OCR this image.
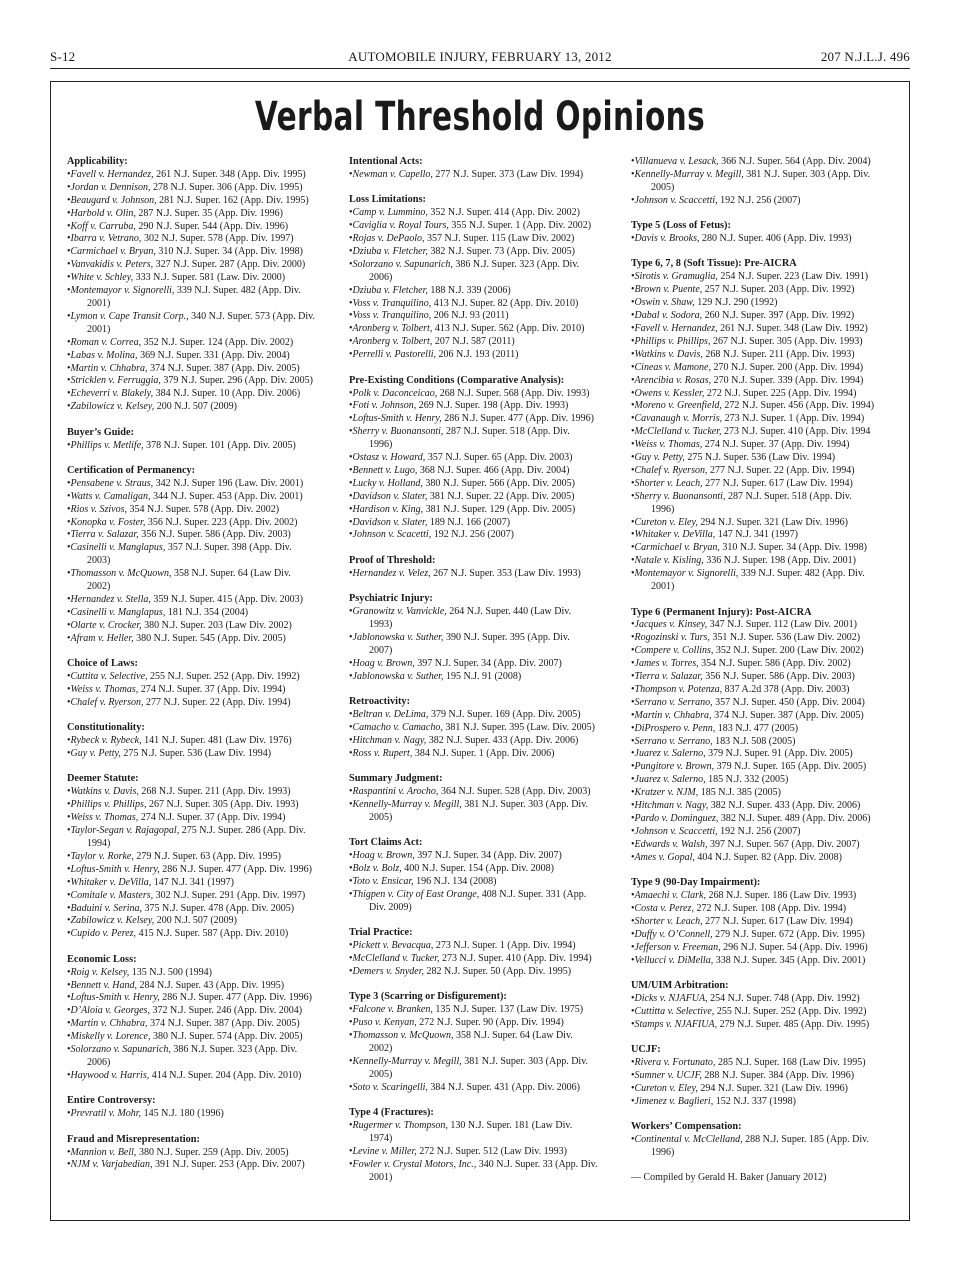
S-12	AUTOMOBILE INJURY, FEBRUARY 13, 2012	207 N.J.L.J. 496
Verbal Threshold Opinions
Applicability:
•Favell v. Hernandez, 261 N.J. Super. 348 (App. Div. 1995)
•Jordan v. Dennison, 278 N.J. Super. 306 (App. Div. 1995)
•Beaugard v. Johnson, 281 N.J. Super. 162 (App. Div. 1995)
•Harbold v. Olin, 287 N.J. Super. 35 (App. Div. 1996)
•Koff v. Carruba, 290 N.J. Super. 544 (App. Div. 1996)
•Ibarra v. Vetrano, 302 N.J. Super. 578 (App. Div. 1997)
•Carmichael v. Bryan, 310 N.J. Super. 34 (App. Div. 1998)
•Vanvakidis v. Peters, 327 N.J. Super. 287 (App. Div. 2000)
•White v. Schley, 333 N.J. Super. 581 (Law. Div. 2000)
•Montemayor v. Signorelli, 339 N.J. Super. 482 (App. Div.
2001)
•Lymon v. Cape Transit Corp., 340 N.J. Super. 573 (App. Div.
2001)
•Roman v. Correa, 352 N.J. Super. 124 (App. Div. 2002)
•Labas v. Molina, 369 N.J. Super. 331 (App. Div. 2004)
•Martin v. Chhabra, 374 N.J. Super. 387 (App. Div. 2005)
•Stricklen v. Ferruggia, 379 N.J. Super. 296 (App. Div. 2005)
•Echeverri v. Blakely, 384 N.J. Super. 10 (App. Div. 2006)
•Zabilowicz v. Kelsey, 200 N.J. 507 (2009)
Buyer’s Guide:
•Phillips v. Metlife, 378 N.J. Super. 101 (App. Div. 2005)
Certification of Permanency:
•Pensabene v. Straus, 342 N.J. Super 196 (Law. Div. 2001)
•Watts v. Camaligan, 344 N.J. Super. 453 (App. Div. 2001)
•Rios v. Szivos, 354 N.J. Super. 578 (App. Div. 2002)
•Konopka v. Foster, 356 N.J. Super. 223 (App. Div. 2002)
•Tierra v. Salazar, 356 N.J. Super. 586 (App. Div. 2003)
•Casinelli v. Manglapus, 357 N.J. Super. 398 (App. Div.
2003)
•Thomasson v. McQuown, 358 N.J. Super. 64 (Law Div.
2002)
•Hernandez v. Stella, 359 N.J. Super. 415 (App. Div. 2003)
•Casinelli v. Manglapus, 181 N.J. 354 (2004)
•Olarte v. Crocker, 380 N.J. Super. 203 (Law Div. 2002)
•Afram v. Heller, 380 N.J. Super. 545 (App. Div. 2005)
Choice of Laws:
•Cuttita v. Selective, 255 N.J. Super. 252 (App. Div. 1992)
•Weiss v. Thomas, 274 N.J. Super. 37 (App. Div. 1994)
•Chalef v. Ryerson, 277 N.J. Super. 22 (App. Div. 1994)
Constitutionality:
•Rybeck v. Rybeck, 141 N.J. Super. 481 (Law Div. 1976)
•Guy v. Petty, 275 N.J. Super. 536 (Law Div. 1994)
Deemer Statute:
•Watkins v. Davis, 268 N.J. Super. 211 (App. Div. 1993)
•Phillips v. Phillips, 267 N.J. Super. 305 (App. Div. 1993)
•Weiss v. Thomas, 274 N.J. Super. 37 (App. Div. 1994)
•Taylor-Segan v. Rajagopal, 275 N.J. Super. 286 (App. Div.
1994)
•Taylor v. Rorke, 279 N.J. Super. 63 (App. Div. 1995)
•Loftus-Smith v. Henry, 286 N.J. Super. 477 (App. Div. 1996)
•Whitaker v. DeVilla, 147 N.J. 341 (1997)
•Comitale v. Masters, 302 N.J. Super. 291 (App. Div. 1997)
•Baduini v. Serina, 375 N.J. Super. 478 (App. Div. 2005)
•Zabilowicz v. Kelsey, 200 N.J. 507 (2009)
•Cupido v. Perez, 415 N.J. Super. 587 (App. Div. 2010)
Economic Loss:
•Roig v. Kelsey, 135 N.J. 500 (1994)
•Bennett v. Hand, 284 N.J. Super. 43 (App. Div. 1995)
•Loftus-Smith v. Henry, 286 N.J. Super. 477 (App. Div. 1996)
•D’Aloia v. Georges, 372 N.J. Super. 246 (App. Div. 2004)
•Martin v. Chhabra, 374 N.J. Super. 387 (App. Div. 2005)
•Miskelly v. Lorence, 380 N.J. Super. 574 (App. Div. 2005)
•Solorzano v. Sapunarich, 386 N.J. Super. 323 (App. Div.
2006)
•Haywood v. Harris, 414 N.J. Super. 204 (App. Div. 2010)
Entire Controversy:
•Prevratil v. Mohr, 145 N.J. 180 (1996)
Fraud and Misrepresentation:
•Mannion v. Bell, 380 N.J. Super. 259 (App. Div. 2005)
•NJM v. Varjabedian, 391 N.J. Super. 253 (App. Div. 2007)
Intentional Acts:
•Newman v. Capello, 277 N.J. Super. 373 (Law Div. 1994)
Loss Limitations:
•Camp v. Lummino, 352 N.J. Super. 414 (App. Div. 2002)
•Caviglia v. Royal Tours, 355 N.J. Super. 1 (App. Div. 2002)
•Rojas v. DePaolo, 357 N.J. Super. 115 (Law Div. 2002)
•Dziuba v. Fletcher, 382 N.J. Super. 73 (App. Div. 2005)
•Solorzano v. Sapunarich, 386 N.J. Super. 323 (App. Div.
2006)
•Dziuba v. Fletcher, 188 N.J. 339 (2006)
•Voss v. Tranquilino, 413 N.J. Super. 82 (App. Div. 2010)
•Voss v. Tranquilino, 206 N.J. 93 (2011)
•Aronberg v. Tolbert, 413 N.J. Super. 562 (App. Div. 2010)
•Aronberg v. Tolbert, 207 N.J. 587 (2011)
•Perrelli v. Pastorelli, 206 N.J. 193 (2011)
Pre-Existing Conditions (Comparative Analysis):
•Polk v. Daconceicao, 268 N.J. Super. 568 (App. Div. 1993)
•Foti v. Johnson, 269 N.J. Super. 198 (App. Div. 1993)
•Loftus-Smith v. Henry, 286 N.J. Super. 477 (App. Div. 1996)
•Sherry v. Buonansonti, 287 N.J. Super. 518 (App. Div.
1996)
•Ostasz v. Howard, 357 N.J. Super. 65 (App. Div. 2003)
•Bennett v. Lugo, 368 N.J. Super. 466 (App. Div. 2004)
•Lucky v. Holland, 380 N.J. Super. 566 (App. Div. 2005)
•Davidson v. Slater, 381 N.J. Super. 22 (App. Div. 2005)
•Hardison v. King, 381 N.J. Super. 129 (App. Div. 2005)
•Davidson v. Slater, 189 N.J. 166 (2007)
•Johnson v. Scacetti, 192 N.J. 256 (2007)
Proof of Threshold:
•Hernandez v. Velez, 267 N.J. Super. 353 (Law Div. 1993)
Psychiatric Injury:
•Granowitz v. Vanvickle, 264 N.J. Super. 440 (Law Div.
1993)
•Jablonowska v. Suther, 390 N.J. Super. 395 (App. Div.
2007)
•Hoag v. Brown, 397 N.J. Super. 34 (App. Div. 2007)
•Jablonowska v. Suther, 195 N.J. 91 (2008)
Retroactivity:
•Beltran v. DeLima, 379 N.J. Super. 169 (App. Div. 2005)
•Camacho v. Camacho, 381 N.J. Super. 395 (Law. Div. 2005)
•Hitchman v. Nagy, 382 N.J. Super. 433 (App. Div. 2006)
•Ross v. Rupert, 384 N.J. Super. 1 (App. Div. 2006)
Summary Judgment:
•Raspantini v. Arocho, 364 N.J. Super. 528 (App. Div. 2003)
•Kennelly-Murray v. Megill, 381 N.J. Super. 303 (App. Div.
2005)
Tort Claims Act:
•Hoag v. Brown, 397 N.J. Super. 34 (App. Div. 2007)
•Bolz v. Bolz, 400 N.J. Super. 154 (App. Div. 2008)
•Toto v. Ensicar, 196 N.J. 134 (2008)
•Thigpen v. City of East Orange, 408 N.J. Super. 331 (App.
Div. 2009)
Trial Practice:
•Pickett v. Bevacqua, 273 N.J. Super. 1 (App. Div. 1994)
•McClelland v. Tucker, 273 N.J. Super. 410 (App. Div. 1994)
•Demers v. Snyder, 282 N.J. Super. 50 (App. Div. 1995)
Type 3 (Scarring or Disfigurement):
•Falcone v. Branken, 135 N.J. Super. 137 (Law Div. 1975)
•Puso v. Kenyan, 272 N.J. Super. 90 (App. Div. 1994)
•Thomasson v. McQuown, 358 N.J. Super. 64 (Law Div.
2002)
•Kennelly-Murray v. Megill, 381 N.J. Super. 303 (App. Div.
2005)
•Soto v. Scaringelli, 384 N.J. Super. 431 (App. Div. 2006)
Type 4 (Fractures):
•Rugermer v. Thompson, 130 N.J. Super. 181 (Law Div.
1974)
•Levine v. Miller, 272 N.J. Super. 512 (Law Div. 1993)
•Fowler v. Crystal Motors, Inc., 340 N.J. Super. 33 (App. Div.
2001)
•Villanueva v. Lesack, 366 N.J. Super. 564 (App. Div. 2004)
•Kennelly-Murray v. Megill, 381 N.J. Super. 303 (App. Div.
2005)
•Johnson v. Scaccetti, 192 N.J. 256 (2007)
Type 5 (Loss of Fetus):
•Davis v. Brooks, 280 N.J. Super. 406 (App. Div. 1993)
Type 6, 7, 8 (Soft Tissue): Pre-AICRA
•Sirotis v. Gramuglia, 254 N.J. Super. 223 (Law Div. 1991)
•Brown v. Puente, 257 N.J. Super. 203 (App. Div. 1992)
•Oswin v. Shaw, 129 N.J. 290 (1992)
•Dabal v. Sodora, 260 N.J. Super. 397 (App. Div. 1992)
•Favell v. Hernandez, 261 N.J. Super. 348 (Law Div. 1992)
•Phillips v. Phillips, 267 N.J. Super. 305 (App. Div. 1993)
•Watkins v. Davis, 268 N.J. Super. 211 (App. Div. 1993)
•Cineas v. Mamone, 270 N.J. Super. 200 (App. Div. 1994)
•Arencibia v. Rosas, 270 N.J. Super. 339 (App. Div. 1994)
•Owens v. Kessler, 272 N.J. Super. 225 (App. Div. 1994)
•Moreno v. Greenfield, 272 N.J. Super. 456 (App. Div. 1994)
•Cavanaugh v. Morris, 273 N.J. Super. 1 (App. Div. 1994)
•McClelland v. Tucker, 273 N.J. Super. 410 (App. Div. 1994
•Weiss v. Thomas, 274 N.J. Super. 37 (App. Div. 1994)
•Guy v. Petty, 275 N.J. Super. 536 (Law Div. 1994)
•Chalef v. Ryerson, 277 N.J. Super. 22 (App. Div. 1994)
•Shorter v. Leach, 277 N.J. Super. 617 (Law Div. 1994)
•Sherry v. Buonansonti, 287 N.J. Super. 518 (App. Div.
1996)
•Cureton v. Eley, 294 N.J. Super. 321 (Law Div. 1996)
•Whitaker v. DeVilla, 147 N.J. 341 (1997)
•Carmichael v. Bryan, 310 N.J. Super. 34 (App. Div. 1998)
•Natale v. Kisling, 336 N.J. Super. 198 (App. Div. 2001)
•Montemayor v. Signorelli, 339 N.J. Super. 482 (App. Div.
2001)
Type 6 (Permanent Injury): Post-AICRA
•Jacques v. Kinsey, 347 N.J. Super. 112 (Law Div. 2001)
•Rogozinski v. Turs, 351 N.J. Super. 536 (Law Div. 2002)
•Compere v. Collins, 352 N.J. Super. 200 (Law Div. 2002)
•James v. Torres, 354 N.J. Super. 586 (App. Div. 2002)
•Tierra v. Salazar, 356 N.J. Super. 586 (App. Div. 2003)
•Thompson v. Potenza, 837 A.2d 378 (App. Div. 2003)
•Serrano v. Serrano, 357 N.J. Super. 450 (App. Div. 2004)
•Martin v. Chhabra, 374 N.J. Super. 387 (App. Div. 2005)
•DiProspero v. Penn, 183 N.J. 477 (2005)
•Serrano v. Serrano, 183 N.J. 508 (2005)
•Juarez v. Salerno, 379 N.J. Super. 91 (App. Div. 2005)
•Pungitore v. Brown, 379 N.J. Super. 165 (App. Div. 2005)
•Juarez v. Salerno, 185 N.J. 332 (2005)
•Kratzer v. NJM, 185 N.J. 385 (2005)
•Hitchman v. Nagy, 382 N.J. Super. 433 (App. Div. 2006)
•Pardo v. Dominguez, 382 N.J. Super. 489 (App. Div. 2006)
•Johnson v. Scaccetti, 192 N.J. 256 (2007)
•Edwards v. Walsh, 397 N.J. Super. 567 (App. Div. 2007)
•Ames v. Gopal, 404 N.J. Super. 82 (App. Div. 2008)
Type 9 (90-Day Impairment):
•Amaechi v. Clark, 268 N.J. Super. 186 (Law Div. 1993)
•Costa v. Perez, 272 N.J. Super. 108 (App. Div. 1994)
•Shorter v. Leach, 277 N.J. Super. 617 (Law Div. 1994)
•Duffy v. O’Connell, 279 N.J. Super. 672 (App. Div. 1995)
•Jefferson v. Freeman, 296 N.J. Super. 54 (App. Div. 1996)
•Vellucci v. DiMella, 338 N.J. Super. 345 (App. Div. 2001)
UM/UIM Arbitration:
•Dicks v. NJAFUA, 254 N.J. Super. 748 (App. Div. 1992)
•Cuttitta v. Selective, 255 N.J. Super. 252 (App. Div. 1992)
•Stamps v. NJAFIUA, 279 N.J. Super. 485 (App. Div. 1995)
UCJF:
•Rivera v. Fortunato, 285 N.J. Super. 168 (Law Div. 1995)
•Sumner v. UCJF, 288 N.J. Super. 384 (App. Div. 1996)
•Cureton v. Eley, 294 N.J. Super. 321 (Law Div. 1996)
•Jimenez v. Baglieri, 152 N.J. 337 (1998)
Workers’ Compensation:
•Continental v. McClelland, 288 N.J. Super. 185 (App. Div.
1996)
— Compiled by Gerald H. Baker (January 2012)
